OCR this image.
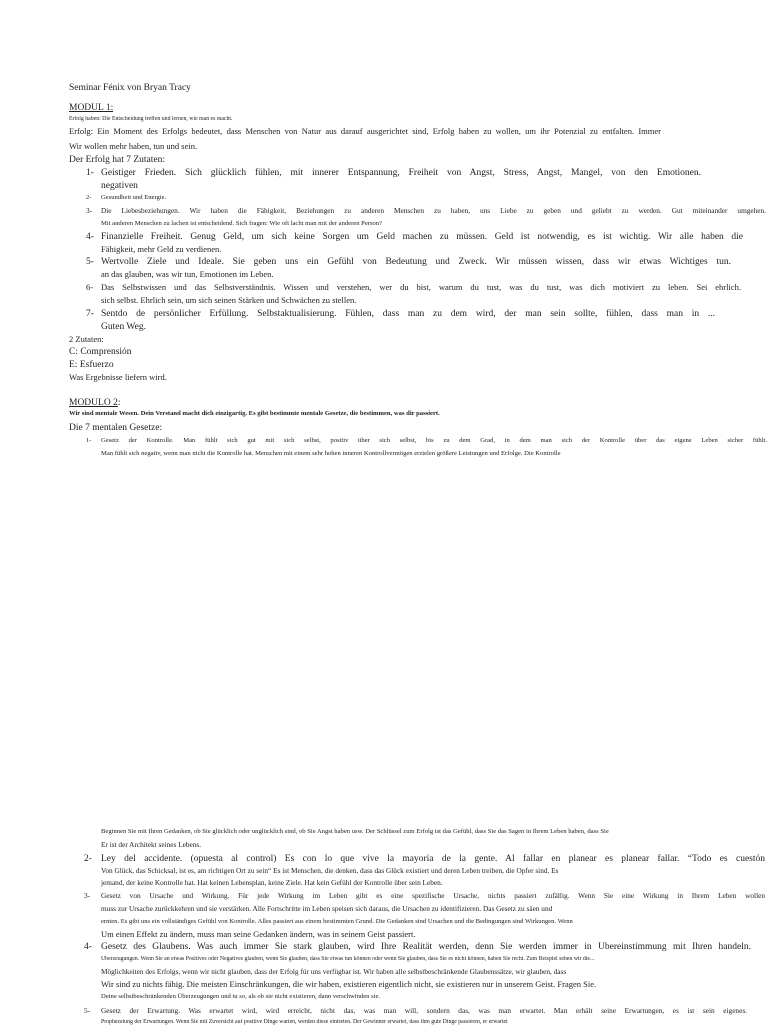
Seminar Fénix von Bryan Tracy
MODUL 1:
Erfolg haben: Die Entscheidung treffen und lernen, wie man es macht.
Erfolg: Ein Moment des Erfolgs bedeutet, dass Menschen von Natur aus darauf ausgerichtet sind, Erfolg haben zu wollen, um ihr Potenzial zu entfalten. Immer
Wir wollen mehr haben, tun und sein.
Der Erfolg hat 7 Zutaten:
1- Geistiger Frieden. Sich glücklich fühlen, mit innerer Entspannung, Freiheit von Angst, Stress, Angst, Mangel, von den Emotionen.
negativen
2- Gesundheit und Energie.
3- Die Liebesbeziehungen. Wir haben die Fähigkeit, Beziehungen zu anderen Menschen zu haben, uns Liebe zu geben und geliebt zu werden. Gut miteinander umgehen.
Mit anderen Menschen zu lachen ist entscheidend. Sich fragen: Wie oft lacht man mit der anderen Person?
4- Finanzielle Freiheit. Genug Geld, um sich keine Sorgen um Geld machen zu müssen. Geld ist notwendig, es ist wichtig. Wir alle haben die
Fähigkeit, mehr Geld zu verdienen.
5- Wertvolle Ziele und Ideale. Sie geben uns ein Gefühl von Bedeutung und Zweck. Wir müssen wissen, dass wir etwas Wichtiges tun.
an das glauben, was wir tun, Emotionen im Leben.
6- Das Selbstwissen und das Selbstverständnis. Wissen und verstehen, wer du bist, warum du tust, was du tust, was dich motiviert zu leben. Sei ehrlich.
sich selbst. Ehrlich sein, um sich seinen Stärken und Schwächen zu stellen.
7- Sentdo de persönlicher Erfüllung. Selbstaktualisierung. Fühlen, dass man zu dem wird, der man sein sollte, fühlen, dass man in ...
Guten Weg.
2 Zutaten:
C: Comprensión
E: Esfuerzo
Was Ergebnisse liefern wird.
MÓDULO 2:
Wir sind mentale Wesen. Dein Verstand macht dich einzigartig. Es gibt bestimmte mentale Gesetze, die bestimmen, was dir passiert.
Die 7 mentalen Gesetze:
1- Gesetz der Kontrolle. Man fühlt sich gut mit sich selbst, positiv über sich selbst, bis zu dem Grad, in dem man sich der Kontrolle über das eigene Leben sicher fühlt.
Man fühlt sich negativ, wenn man nicht die Kontrolle hat. Menschen mit einem sehr hohen inneren Kontrollvermögen erzielen größere Leistungen und Erfolge. Die Kontrolle
Beginnen Sie mit Ihren Gedanken, ob Sie glücklich oder unglücklich sind, ob Sie Angst haben usw. Der Schlüssel zum Erfolg ist das Gefühl, dass Sie das Sagen in Ihrem Leben haben, dass Sie
Er ist der Architekt seines Lebens.
2- Ley del accidente. (opuesta al control) Es con lo que vive la mayoría de la gente. Al fallar en planear es planear fallar. “Todo es cuestón
Von Glück, das Schicksal, ist es, am richtigen Ort zu sein“ Es ist Menschen, die denken, dass das Glück existiert und deren Leben treiben, die Opfer sind. Es
jemand, der keine Kontrolle hat. Hat keinen Lebensplan, keine Ziele. Hat kein Gefühl der Kontrolle über sein Leben.
3- Gesetz von Ursache und Wirkung. Für jede Wirkung im Leben gibt es eine spezifische Ursache, nichts passiert zufällig. Wenn Sie eine Wirkung in Ihrem Leben wollen
muss zur Ursache zurückkehren und sie verstärken. Alle Fortschritte im Leben speisen sich daraus, die Ursachen zu identifizieren. Das Gesetz zu säen und
ernten. Es gibt uns ein vollständiges Gefühl von Kontrolle. Alles passiert aus einem bestimmten Grund. Die Gedanken sind Ursachen und die Bedingungen sind Wirkungen. Wenn
Um einen Effekt zu ändern, muss man seine Gedanken ändern, was in seinem Geist passiert.
4- Gesetz des Glaubens. Was auch immer Sie stark glauben, wird Ihre Realität werden, denn Sie werden immer in Übereinstimmung mit Ihren handeln.
Überzeugungen. Wenn Sie an etwas Positives oder Negatives glauben, wenn Sie glauben, dass Sie etwas tun können oder wenn Sie glauben, dass Sie es nicht können, haben Sie recht. Zum Beispiel sehen wir die...
Möglichkeiten des Erfolgs, wenn wir nicht glauben, dass der Erfolg für uns verfügbar ist. Wir haben alle selbstbeschränkende Glaubenssätze, wir glauben, dass
Wir sind zu nichts fähig. Die meisten Einschränkungen, die wir haben, existieren eigentlich nicht, sie existieren nur in unserem Geist. Fragen Sie.
Deine selbstbeschränkenden Überzeugungen und tu so, als ob sie nicht existieren, dann verschwinden sie.
5- Gesetz der Erwartung. Was erwartet wird, wird erreicht, nicht das, was man will, sondern das, was man erwartet. Man erhält seine Erwartungen, es ist sein eigenes.
Prophezeiung der Erwartungen. Wenn Sie mit Zuversicht auf positive Dinge warten, werden diese eintreten. Der Gewinner erwartet, dass ihm gute Dinge passieren, er erwartet
